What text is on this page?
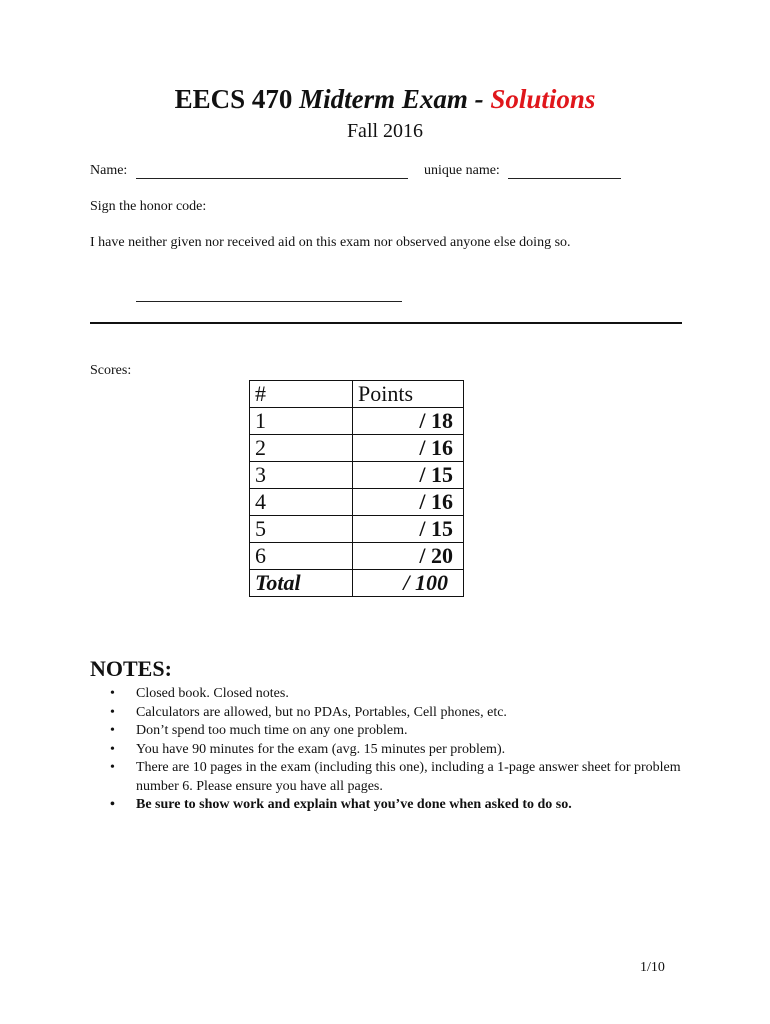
EECS 470 Midterm Exam - Solutions
Fall 2016
Name:	unique name:
Sign the honor code:
I have neither given nor received aid on this exam nor observed anyone else doing so.
Scores:
#	Points
1	/ 18
2	/ 16
3	/ 15
4	/ 16
5	/ 15
6	/ 20
Total	/ 100
NOTES:
• Closed book. Closed notes.
• Calculators are allowed, but no PDAs, Portables, Cell phones, etc.
• Don’t spend too much time on any one problem.
• You have 90 minutes for the exam (avg. 15 minutes per problem).
• There are 10 pages in the exam (including this one), including a 1-page answer sheet for problem number 6. Please ensure you have all pages.
• Be sure to show work and explain what you’ve done when asked to do so.
1/10
